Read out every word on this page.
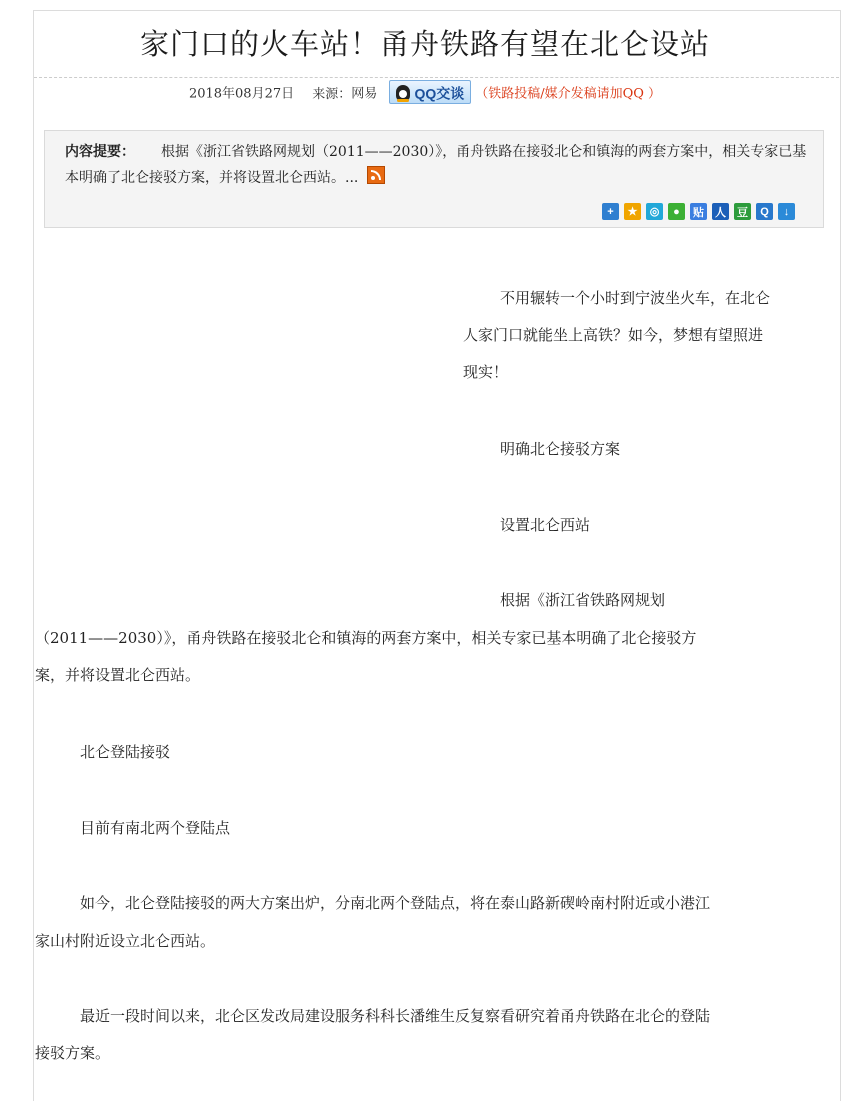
家门口的火车站！甬舟铁路有望在北仑设站
2018年08月27日 来源：网易	QQ交谈 （铁路投稿/媒介发稿请加QQ ）
内容提要： 根据《浙江省铁路网规划（2011——2030）》，甬舟铁路在接驳北仑和镇海的两套方案中，相关专家已基本明确了北仑接驳方案，并将设置北仑西站。...
+	★	◎	●	贴 人 豆	Q	↓
不用辗转一个小时到宁波坐火车，在北仑
人家门口就能坐上高铁？如今，梦想有望照进
现实！
明确北仑接驳方案
设置北仑西站
根据《浙江省铁路网规划
（2011——2030）》，甬舟铁路在接驳北仑和镇海的两套方案中，相关专家已基本明确了北仑接驳方
案，并将设置北仑西站。
北仑登陆接驳
目前有南北两个登陆点
如今，北仑登陆接驳的两大方案出炉，分南北两个登陆点，将在泰山路新碶岭南村附近或小港江
家山村附近设立北仑西站。
最近一段时间以来，北仑区发改局建设服务科科长潘维生反复察看研究着甬舟铁路在北仑的登陆
接驳方案。
